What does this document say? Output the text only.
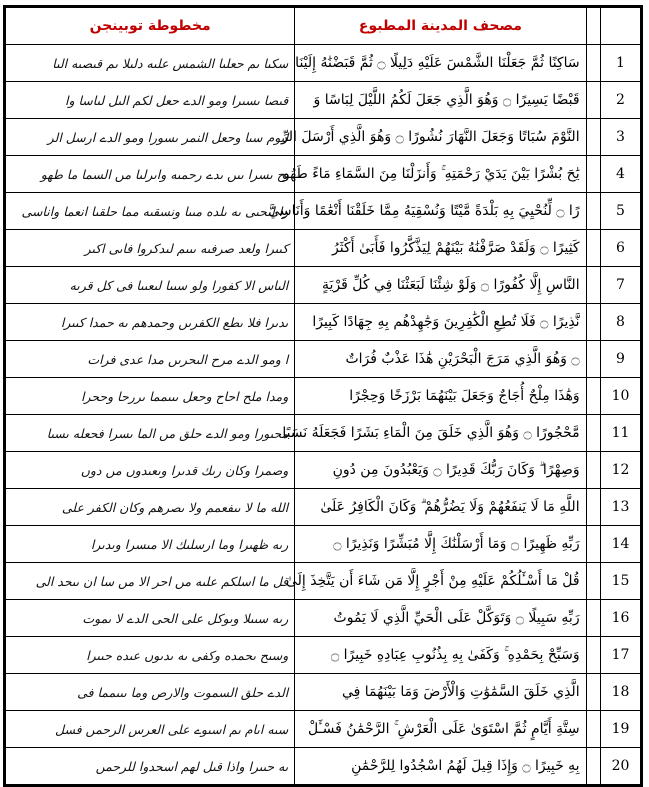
مخطوطة توبينجن	مصحف المدينة المطبوع		
سكىا ىم حعلىا الشمس علىه دلىلا ىم قىصىه الىا	سَاكِنًا ثُمَّ جَعَلْنَا الشَّمْسَ عَلَيْهِ دَلِيلًا ۝ ثُمَّ قَبَضْنَٰهُ إِلَيْنَا		1
قىصا ىسىرا ومو الدے حعل لكم الىل لىاسا وا	قَبْضًا يَسِيرًا ۝ وَهُوَ الَّذِي جَعَلَ لَكُمُ اللَّيْلَ لِبَاسًا وَ		2
لىوم سىا وحعل النمر ىسورا ومو الدے ارسل الر	النَّوْمَ سُبَاتًا وَجَعَلَ النَّهَارَ نُشُورًا ۝ وَهُوَ الَّذِي أَرْسَلَ الرِّ		3
ىح ىسرا ىىں ىدے رحمىه واىرلىا مں السما ما طهو	يَٰحَ بُشْرًا بَيْنَ يَدَيْ رَحْمَتِهِ ۚ وَأَنزَلْنَا مِنَ السَّمَاءِ مَاءً طَهُو		4
را لىحىى ىه ىلده مىىا ونسقىه مما حلقىا انعما واناسى	رًا ۝ لِّنُحْيِيَ بِهِ بَلْدَةً مَّيْتًا وَنُسْقِيَهُ مِمَّا خَلَقْنَا أَنْعَٰمًا وَأَنَاسِيَّ		5
كىىرا ولعد صرفىه ىىىم لىدكروا فاىى اكىر	كَثِيرًا ۝ وَلَقَدْ صَرَّفْنَٰهُ بَيْنَهُمْ لِيَذَّكَّرُوا فَأَبَىٰ أَكْثَرُ		6
الىاس الا كفورا ولو سىىا لىعىىا فى كل قرىه	النَّاسِ إِلَّا كُفُورًا ۝ وَلَوْ شِئْنَا لَبَعَثْنَا فِي كُلِّ قَرْيَةٍ		7
ىدىرا فلا ىطع الكفرىں وحمدهم ىه حمدا كىىرا	نَّذِيرًا ۝ فَلَا تُطِعِ الْكَٰفِرِينَ وَجَٰهِدْهُم بِهِ جِهَادًا كَبِيرًا		8
ا ومو الدے مرح الىحرىں مدا عدى فرات	۝ وَهُوَ الَّذِي مَرَجَ الْبَحْرَيْنِ هَٰذَا عَذْبٌ فُرَاتٌ		9
ومدا ملح احاح وحعل ىىىمما ىررحا وححرا	وَهَٰذَا مِلْحٌ أُجَاجٌ وَجَعَلَ بَيْنَهُمَا بَرْزَخًا وَحِجْرًا		10
محىورا ومو الدے حلق مں الما ىسرا فحعله ىسىا	مَّحْجُورًا ۝ وَهُوَ الَّذِي خَلَقَ مِنَ الْمَاءِ بَشَرًا فَجَعَلَهُ نَسَبًا		11
وصمرا وكان رىك قدىرا وىعىدوں مں دوں	وَصِهْرًا ۗ وَكَانَ رَبُّكَ قَدِيرًا ۝ وَيَعْبُدُونَ مِن دُونِ		12
الله ما لا ىىفعمم ولا ىصرهم وكان الكفر على	اللَّهِ مَا لَا يَنفَعُهُمْ وَلَا يَضُرُّهُمْ ۗ وَكَانَ الْكَافِرُ عَلَىٰ		13
رىه ظهىرا وما ارسلىك الا مىسرا وىدىرا	رَبِّهِ ظَهِيرًا ۝ وَمَا أَرْسَلْنَٰكَ إِلَّا مُبَشِّرًا وَنَذِيرًا ۝		14
قل ما اسلكم علىه مں احر الا مں سا ان ىىحد الى	قُلْ مَا أَسْـَٔلُكُمْ عَلَيْهِ مِنْ أَجْرٍ إِلَّا مَن شَاءَ أَن يَتَّخِذَ إِلَىٰ		15
رىه سىىلا وىوكل على الحى الدے لا ىموت	رَبِّهِ سَبِيلًا ۝ وَتَوَكَّلْ عَلَى الْحَيِّ الَّذِي لَا يَمُوتُ		16
وسىح ىحمده وكفى ىه ىدىوں عىده حىىرا	وَسَبِّحْ بِحَمْدِهِ ۚ وَكَفَىٰ بِهِ بِذُنُوبِ عِبَادِهِ خَبِيرًا ۝		17
الدے حلق السموت والارص وما ىىىمما فى	الَّذِي خَلَقَ السَّمَٰوَٰتِ وَالْأَرْضَ وَمَا بَيْنَهُمَا فِي		18
سىه اىام ىم اسىوے على العرس الرحمں فسل	سِتَّةِ أَيَّامٍ ثُمَّ اسْتَوَىٰ عَلَى الْعَرْشِ ۚ الرَّحْمَٰنُ فَسْـَٔلْ		19
ىه حىىرا واذا قىل لهم اسحدوا للرحمں	بِهِ خَبِيرًا ۝ وَإِذَا قِيلَ لَهُمُ اسْجُدُوا لِلرَّحْمَٰنِ		20
